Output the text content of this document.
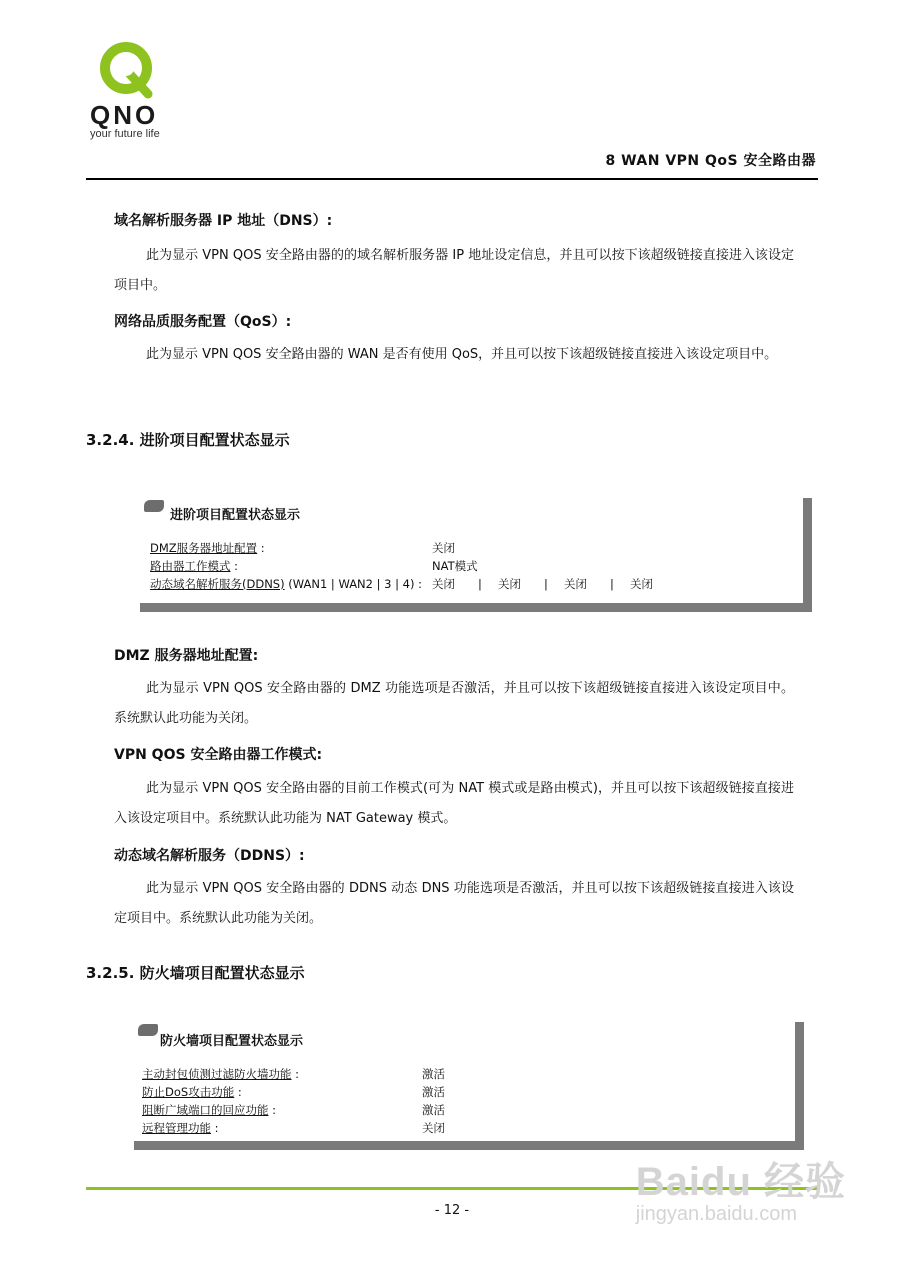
QNO
your future life
8 WAN VPN QoS 安全路由器
域名解析服务器 IP 地址（DNS）:
此为显示 VPN QOS 安全路由器的的域名解析服务器 IP 地址设定信息，并且可以按下该超级链接直接进入该设定项目中。
网络品质服务配置（QoS）:
此为显示 VPN QOS 安全路由器的 WAN 是否有使用 QoS，并且可以按下该超级链接直接进入该设定项目中。
3.2.4. 进阶项目配置状态显示
进阶项目配置状态显示
DMZ服务器地址配置 :	关闭
路由器工作模式 :	NAT模式
动态域名解析服务(DDNS) (WAN1 | WAN2 | 3 | 4) : 关闭 | 关闭 | 关闭 | 关闭
DMZ 服务器地址配置:
此为显示 VPN QOS 安全路由器的 DMZ 功能选项是否激活，并且可以按下该超级链接直接进入该设定项目中。系统默认此功能为关闭。
VPN QOS 安全路由器工作模式:
此为显示 VPN QOS 安全路由器的目前工作模式(可为 NAT 模式或是路由模式)，并且可以按下该超级链接直接进入该设定项目中。系统默认此功能为 NAT Gateway 模式。
动态域名解析服务（DDNS）:
此为显示 VPN QOS 安全路由器的 DDNS 动态 DNS 功能选项是否激活，并且可以按下该超级链接直接进入该设定项目中。系统默认此功能为关闭。
3.2.5. 防火墙项目配置状态显示
防火墙项目配置状态显示
主动封包侦测过滤防火墙功能 :	激活
防止DoS攻击功能 :	激活
阻断广域端口的回应功能 :	激活
远程管理功能 :	关闭
- 12 -
Baidu 经验
jingyan.baidu.com
